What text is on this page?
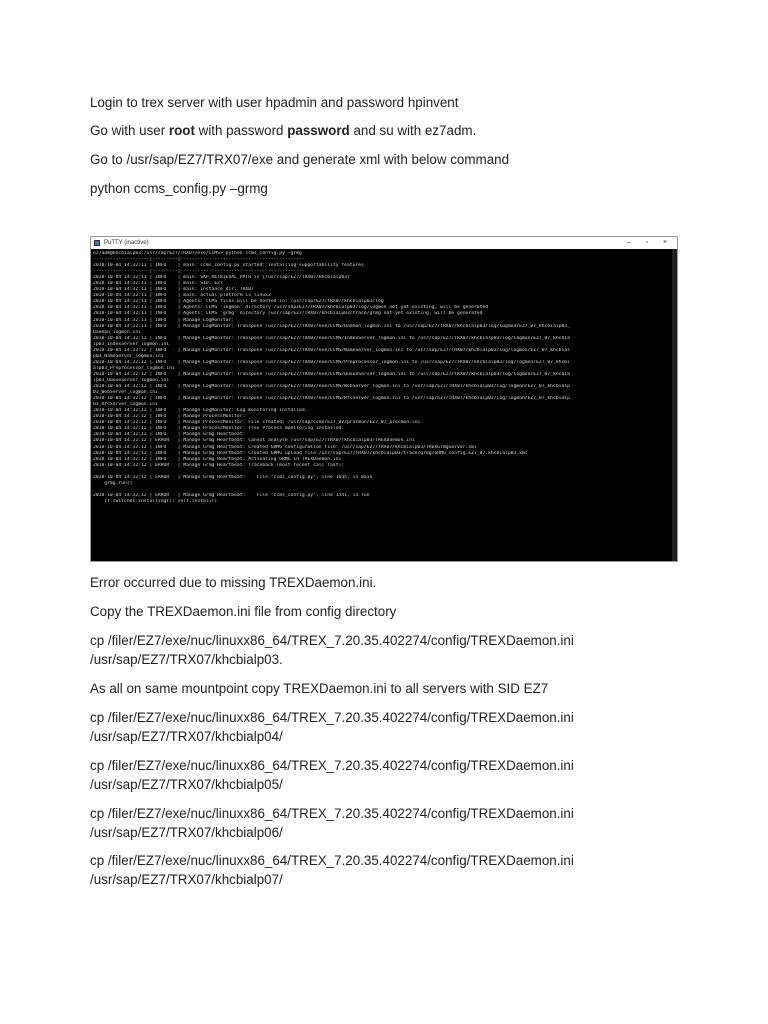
Login to trex server with user hpadmin and password hpinvent

Go with user root with password password and su with ez7adm.

Go to /usr/sap/EZ7/TRX07/exe and generate xml with below command

python ccms_config.py –grmg

PuTTY (inactive)	–	▫	×
ez7adm@khcbialp03:/usr/sap/EZ7/TRX07/exe/CCMS> python ccms_config.py -grmg
--------------------|---------|--------------------------------------------
2018-10-04 14:32:11 | INFO    | main: ccms_config.py started: installing supportability features
--------------------|---------|--------------------------------------------
2018-10-04 14:32:11 | INFO    | main: SAP_RETRIEVAL_PATH is [/usr/sap/EZ7/TRX07/khcbialp03]
2018-10-04 14:32:11 | INFO    | main: SID: EZ7
2018-10-04 14:32:11 | INFO    | main: instance dir: TRX07
2018-10-04 14:32:11 | INFO    | main: actual platform is linux2
2018-10-04 14:32:11 | INFO    | Agents: CCMS files will be hosted in: /usr/sap/EZ7/TRX07/khcbialp03/log
2018-10-04 14:32:11 | INFO    | Agents: CCMS 'logmon' directory /usr/sap/EZ7/TRX07/khcbialp03/log/logmon not yet existing, will be generated
2018-10-04 14:32:11 | INFO    | Agents: CCMS 'grmg' directory /usr/sap/EZ7/TRX07/khcbialp03/trace/grmg not yet existing, will be generated
2018-10-04 14:32:11 | INFO    | Manage LogMonitor:
2018-10-04 14:32:11 | INFO    | Manage LogMonitor: Transpose /usr/sap/EZ7/TRX07/exe/CCMS/Daemon_logmon.ini to /usr/sap/EZ7/TRX07/khcbialp03/log/logmon/EZ7_07_khcbialp03_
Daemon_logmon.ini
2018-10-04 14:32:12 | INFO    | Manage LogMonitor: Transpose /usr/sap/EZ7/TRX07/exe/CCMS/IndexServer_logmon.ini to /usr/sap/EZ7/TRX07/khcbialp03/log/logmon/EZ7_07_khcbia
lp03_IndexServer_logmon.ini
2018-10-04 14:32:12 | INFO    | Manage LogMonitor: Transpose /usr/sap/EZ7/TRX07/exe/CCMS/NameServer_logmon.ini to /usr/sap/EZ7/TRX07/khcbialp03/log/logmon/EZ7_07_khcbial
p03_NameServer_logmon.ini
2018-10-04 14:32:12 | INFO    | Manage LogMonitor: Transpose /usr/sap/EZ7/TRX07/exe/CCMS/Preprocessor_logmon.ini to /usr/sap/EZ7/TRX07/khcbialp03/log/logmon/EZ7_07_khcbi
alp03_Preprocessor_logmon.ini
2018-10-04 14:32:12 | INFO    | Manage LogMonitor: Transpose /usr/sap/EZ7/TRX07/exe/CCMS/QueueServer_logmon.ini to /usr/sap/EZ7/TRX07/khcbialp03/log/logmon/EZ7_07_khcbia
lp03_QueueServer_logmon.ini
2018-10-04 14:32:12 | INFO    | Manage LogMonitor: Transpose /usr/sap/EZ7/TRX07/exe/CCMS/WebServer_logmon.ini to /usr/sap/EZ7/TRX07/khcbialp03/log/logmon/EZ7_07_khcbialp
03_WebServer_logmon.ini
2018-10-04 14:32:12 | INFO    | Manage LogMonitor: Transpose /usr/sap/EZ7/TRX07/exe/CCMS/RfcServer_logmon.ini to /usr/sap/EZ7/TRX07/khcbialp03/log/logmon/EZ7_07_khcbialp
03_RfcServer_logmon.ini
2018-10-04 14:32:12 | INFO    | Manage LogMonitor: Log monitoring installed.
2018-10-04 14:32:12 | INFO    | Manage ProcessMonitor:
2018-10-04 14:32:12 | INFO    | Manage ProcessMonitor: File created: /usr/sap/ccms/EZ7_07/procmon/EZ7_07_procmon.ini
2018-10-04 14:32:12 | INFO    | Manage ProcessMonitor: Trex Process monitoring installed.
2018-10-04 14:32:12 | INFO    | Manage Grmg Heartbeat:
2018-10-04 14:32:12 | ERROR   | Manage Grmg Heartbeat: Cannot analyse /usr/sap/EZ7/TRX07/khcbialp03/TREXDaemon.ini
2018-10-04 14:32:12 | INFO    | Manage Grmg Heartbeat: Created GRMG configuration file: /usr/sap/EZ7/TRX07/khcbialp03/TREXGrmgServer.xml
2018-10-04 14:32:12 | INFO    | Manage Grmg Heartbeat: Created GRMG upload file /usr/sap/EZ7/TRX07/khcbialp03/trace/grmg/GRMG_config.EZ7_07.khcbialp03.xml
2018-10-04 14:32:12 | INFO    | Manage Grmg Heartbeat: Activating GRMG in TREXDaemon.ini
2018-10-04 14:32:12 | ERROR   | Manage Grmg Heartbeat: Traceback (most recent call last):
2018-10-04 14:32:12 | ERROR   | Manage Grmg Heartbeat:    File "ccms_config.py", line 1645, in main
grmg.run()
2018-10-04 14:32:12 | ERROR   | Manage Grmg Heartbeat:    File "ccms_config.py", line 1541, in run
if switches.installing(): self.install()

Error occurred due to missing TREXDaemon.ini.

Copy the TREXDaemon.ini file from config directory

cp /filer/EZ7/exe/nuc/linuxx86_64/TREX_7.20.35.402274/config/TREXDaemon.ini

/usr/sap/EZ7/TRX07/khcbialp03.

As all on same mountpoint copy TREXDaemon.ini to all servers with SID EZ7

cp /filer/EZ7/exe/nuc/linuxx86_64/TREX_7.20.35.402274/config/TREXDaemon.ini

/usr/sap/EZ7/TRX07/khcbialp04/

cp /filer/EZ7/exe/nuc/linuxx86_64/TREX_7.20.35.402274/config/TREXDaemon.ini

/usr/sap/EZ7/TRX07/khcbialp05/

cp /filer/EZ7/exe/nuc/linuxx86_64/TREX_7.20.35.402274/config/TREXDaemon.ini

/usr/sap/EZ7/TRX07/khcbialp06/

cp /filer/EZ7/exe/nuc/linuxx86_64/TREX_7.20.35.402274/config/TREXDaemon.ini

/usr/sap/EZ7/TRX07/khcbialp07/
